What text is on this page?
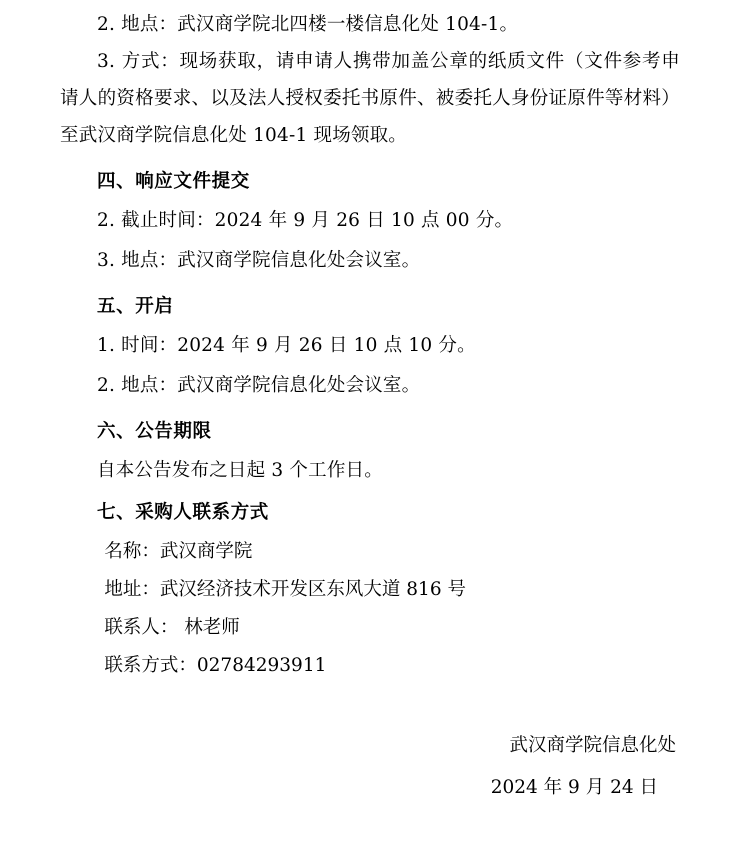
2. 地点：武汉商学院北四楼一楼信息化处 104-1。

3. 方式：现场获取，请申请人携带加盖公章的纸质文件（文件参考申请人的资格要求、以及法人授权委托书原件、被委托人身份证原件等材料）至武汉商学院信息化处 104-1 现场领取。

四、响应文件提交

2. 截止时间：2024 年 9 月 26 日 10 点 00 分。

3. 地点：武汉商学院信息化处会议室。

五、开启

1. 时间：2024 年 9 月 26 日 10 点 10 分。

2. 地点：武汉商学院信息化处会议室。

六、公告期限

自本公告发布之日起 3 个工作日。

七、采购人联系方式

名称：武汉商学院

地址：武汉经济技术开发区东风大道 816 号

联系人： 林老师

联系方式：02784293911

武汉商学院信息化处

2024 年 9 月 24 日
